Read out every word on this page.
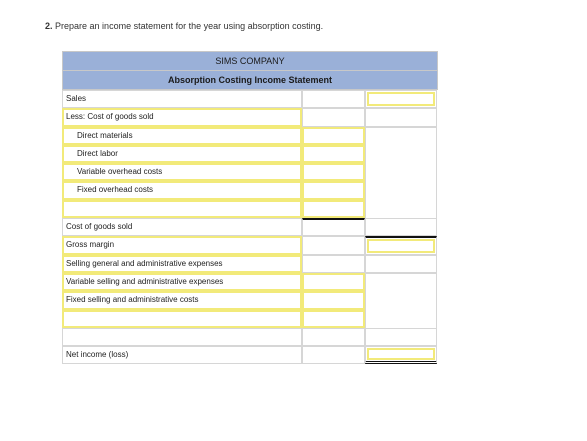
2. Prepare an income statement for the year using absorption costing.
SIMS COMPANY
Absorption Costing Income Statement
Sales
Less: Cost of goods sold
Direct materials
Direct labor
Variable overhead costs
Fixed overhead costs
Cost of goods sold
Gross margin
Selling general and administrative expenses
Variable selling and administrative expenses
Fixed selling and administrative costs
Net income (loss)
